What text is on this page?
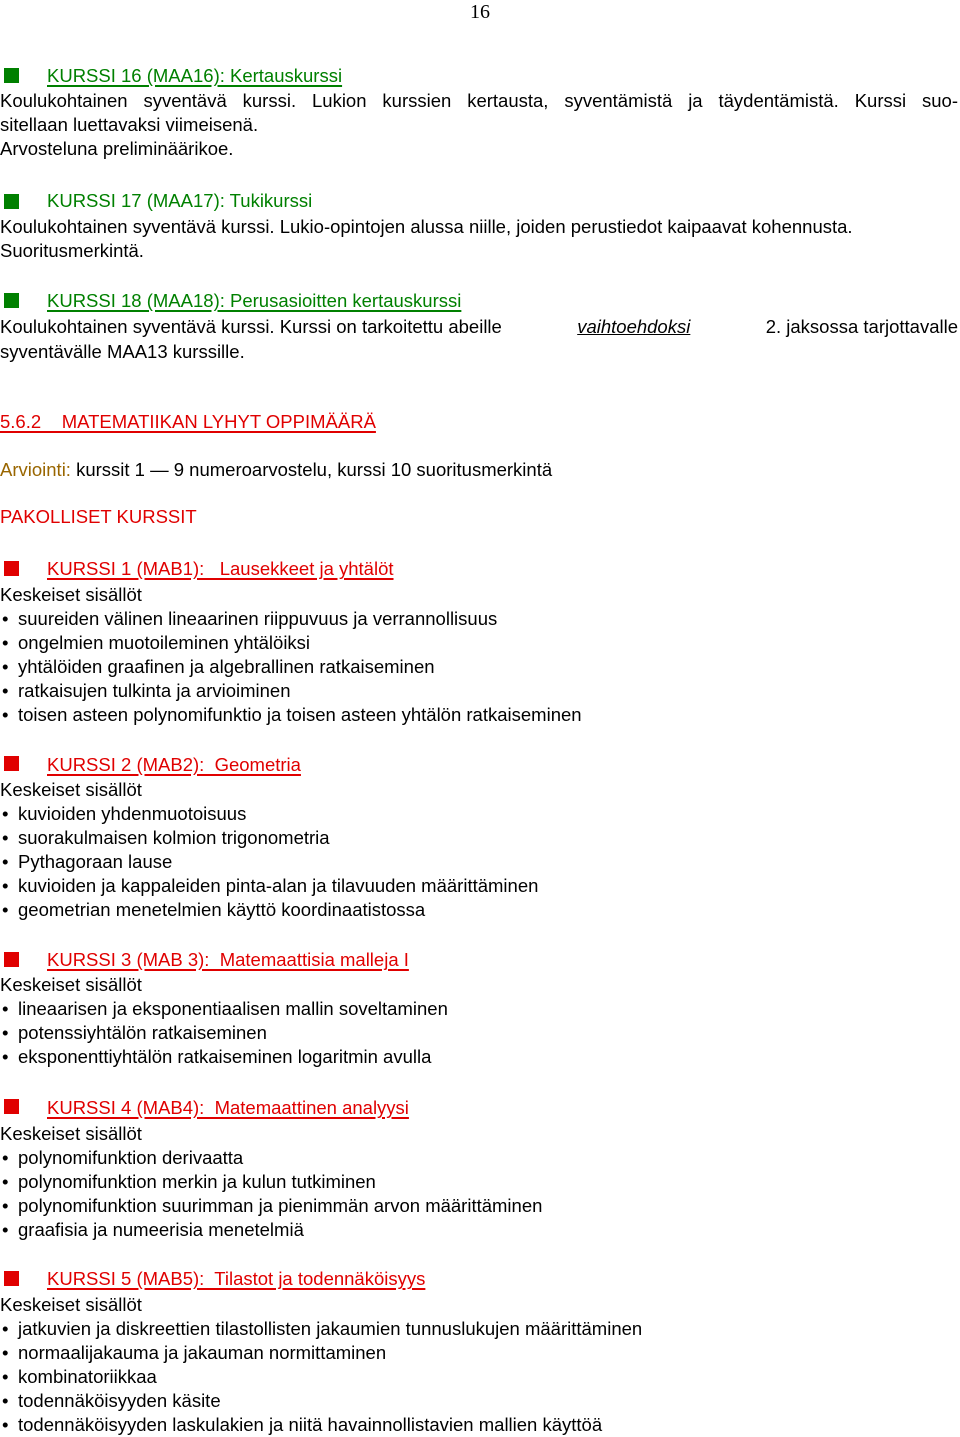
16
KURSSI 16 (MAA16): Kertauskurssi
Koulukohtainen syventävä kurssi. Lukion kurssien kertausta, syventämistä ja täydentämistä. Kurssi suo-
sitellaan luettavaksi viimeisenä.
Arvosteluna preliminäärikoe.
KURSSI 17 (MAA17): Tukikurssi
Koulukohtainen syventävä kurssi. Lukio-opintojen alussa niille, joiden perustiedot kaipaavat kohennusta.
Suoritusmerkintä.
KURSSI 18 (MAA18): Perusasioitten kertauskurssi
Koulukohtainen syventävä kurssi. Kurssi on tarkoitettu abeille	vaihtoehdoksi	2. jaksossa tarjottavalle
syventävälle MAA13 kurssille.
5.6.2    MATEMATIIKAN LYHYT OPPIMÄÄRÄ
Arviointi: kurssit 1 — 9 numeroarvostelu, kurssi 10 suoritusmerkintä
PAKOLLISET KURSSIT
KURSSI 1 (MAB1):   Lausekkeet ja yhtälöt
Keskeiset sisällöt
• suureiden välinen lineaarinen riippuvuus ja verrannollisuus
• ongelmien muotoileminen yhtälöiksi
• yhtälöiden graafinen ja algebrallinen ratkaiseminen
• ratkaisujen tulkinta ja arvioiminen
• toisen asteen polynomifunktio ja toisen asteen yhtälön ratkaiseminen
KURSSI 2 (MAB2):  Geometria
Keskeiset sisällöt
• kuvioiden yhdenmuotoisuus
• suorakulmaisen kolmion trigonometria
• Pythagoraan lause
• kuvioiden ja kappaleiden pinta-alan ja tilavuuden määrittäminen
• geometrian menetelmien käyttö koordinaatistossa
KURSSI 3 (MAB 3):  Matemaattisia malleja I
Keskeiset sisällöt
• lineaarisen ja eksponentiaalisen mallin soveltaminen
• potenssiyhtälön ratkaiseminen
• eksponenttiyhtälön ratkaiseminen logaritmin avulla
KURSSI 4 (MAB4):  Matemaattinen analyysi
Keskeiset sisällöt
• polynomifunktion derivaatta
• polynomifunktion merkin ja kulun tutkiminen
• polynomifunktion suurimman ja pienimmän arvon määrittäminen
• graafisia ja numeerisia menetelmiä
KURSSI 5 (MAB5):  Tilastot ja todennäköisyys
Keskeiset sisällöt
• jatkuvien ja diskreettien tilastollisten jakaumien tunnuslukujen määrittäminen
• normaalijakauma ja jakauman normittaminen
• kombinatoriikkaa
• todennäköisyyden käsite
• todennäköisyyden laskulakien ja niitä havainnollistavien mallien käyttöä
